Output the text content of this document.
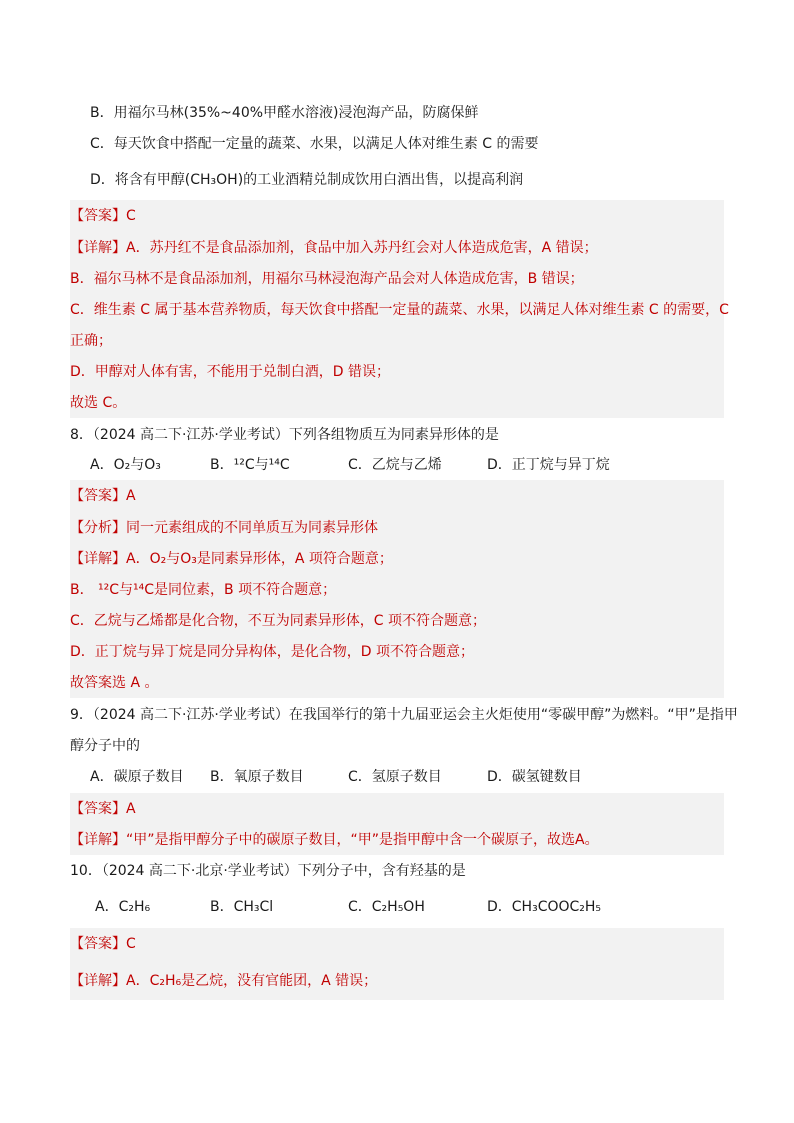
B．用福尔马林(35%~40%甲醛水溶液)浸泡海产品，防腐保鲜
C．每天饮食中搭配一定量的蔬菜、水果，以满足人体对维生素 C 的需要
D．将含有甲醇(CH₃OH)的工业酒精兑制成饮用白酒出售，以提高利润
【答案】C
【详解】A．苏丹红不是食品添加剂，食品中加入苏丹红会对人体造成危害，A 错误；
B．福尔马林不是食品添加剂，用福尔马林浸泡海产品会对人体造成危害，B 错误；
C．维生素 C 属于基本营养物质，每天饮食中搭配一定量的蔬菜、水果，以满足人体对维生素 C 的需要，C
正确；
D．甲醇对人体有害，不能用于兑制白酒，D 错误；
故选 C。
8．（2024 高二下·江苏·学业考试）下列各组物质互为同素异形体的是
A．O₂与O₃	B．¹²C与¹⁴C	C．乙烷与乙烯	D．正丁烷与异丁烷
【答案】A
【分析】同一元素组成的不同单质互为同素异形体
【详解】A．O₂与O₃是同素异形体，A 项符合题意；
B． ¹²C与¹⁴C是同位素，B 项不符合题意；
C．乙烷与乙烯都是化合物，不互为同素异形体，C 项不符合题意；
D．正丁烷与异丁烷是同分异构体，是化合物，D 项不符合题意；
故答案选 A 。
9．（2024 高二下·江苏·学业考试）在我国举行的第十九届亚运会主火炬使用“零碳甲醇”为燃料。“甲”是指甲
醇分子中的
A．碳原子数目 B．氧原子数目	C．氢原子数目	D．碳氢键数目
【答案】A
【详解】“甲”是指甲醇分子中的碳原子数目，“甲”是指甲醇中含一个碳原子，故选A。
10．（2024 高二下·北京·学业考试）下列分子中，含有羟基的是
A．C₂H₆	B．CH₃Cl	C．C₂H₅OH	D．CH₃COOC₂H₅
【答案】C
【详解】A．C₂H₆是乙烷，没有官能团，A 错误；
